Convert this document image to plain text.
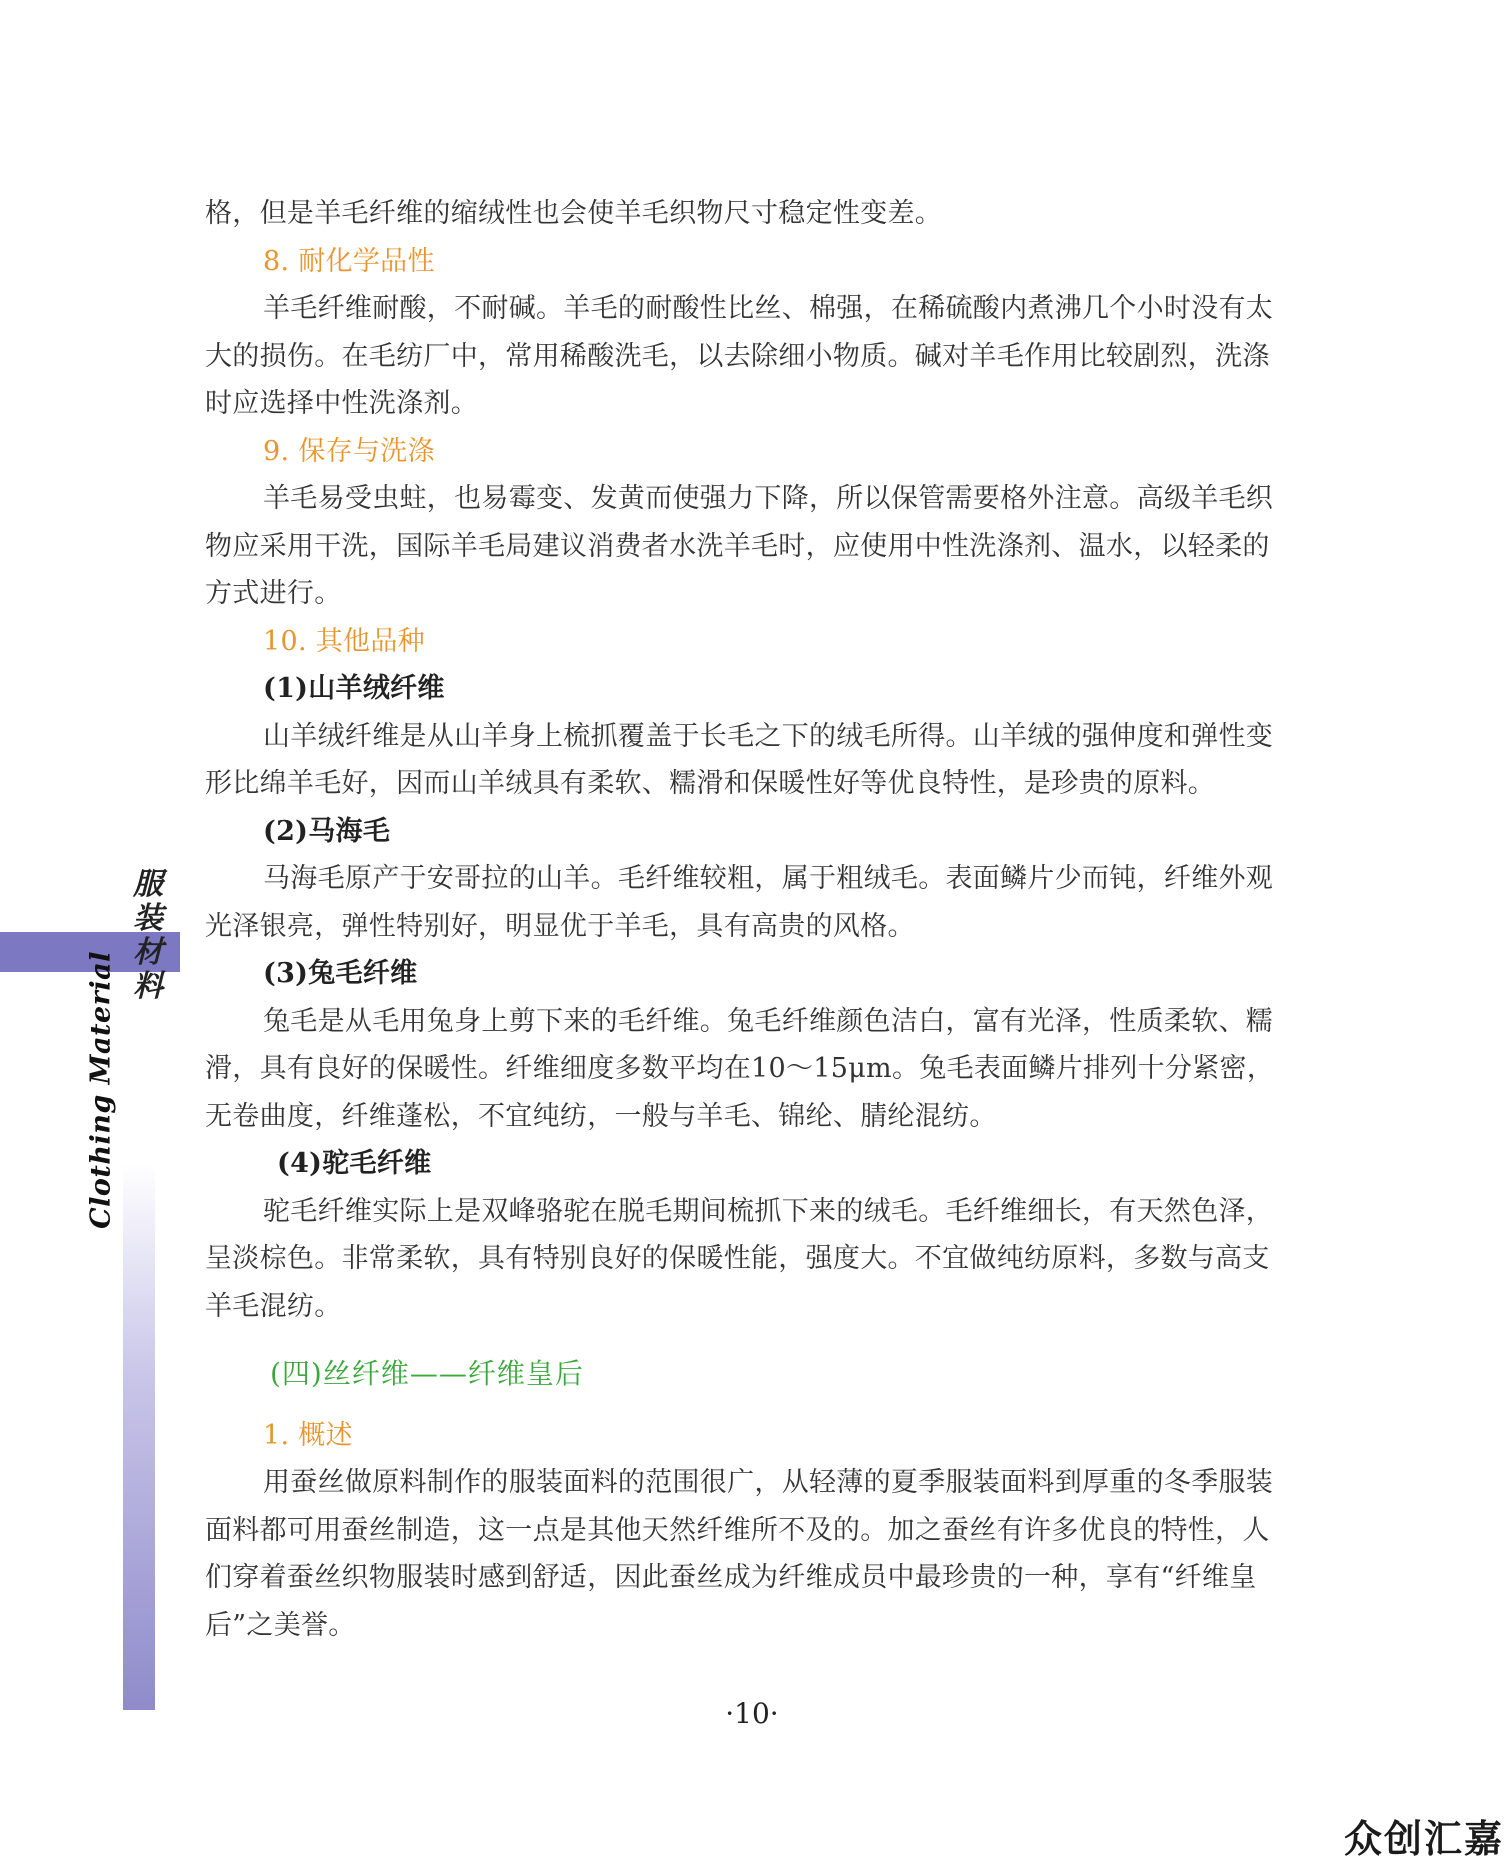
服装材料
Clothing Material
格，但是羊毛纤维的缩绒性也会使羊毛织物尺寸稳定性变差。
8. 耐化学品性
羊毛纤维耐酸，不耐碱。羊毛的耐酸性比丝、棉强，在稀硫酸内煮沸几个小时没有太
大的损伤。在毛纺厂中，常用稀酸洗毛，以去除细小物质。碱对羊毛作用比较剧烈，洗涤
时应选择中性洗涤剂。
9. 保存与洗涤
羊毛易受虫蛀，也易霉变、发黄而使强力下降，所以保管需要格外注意。高级羊毛织
物应采用干洗，国际羊毛局建议消费者水洗羊毛时，应使用中性洗涤剂、温水，以轻柔的
方式进行。
10. 其他品种
(1)山羊绒纤维
山羊绒纤维是从山羊身上梳抓覆盖于长毛之下的绒毛所得。山羊绒的强伸度和弹性变
形比绵羊毛好，因而山羊绒具有柔软、糯滑和保暖性好等优良特性，是珍贵的原料。
(2)马海毛
马海毛原产于安哥拉的山羊。毛纤维较粗，属于粗绒毛。表面鳞片少而钝，纤维外观
光泽银亮，弹性特别好，明显优于羊毛，具有高贵的风格。
(3)兔毛纤维
兔毛是从毛用兔身上剪下来的毛纤维。兔毛纤维颜色洁白，富有光泽，性质柔软、糯
滑，具有良好的保暖性。纤维细度多数平均在10～15μm。兔毛表面鳞片排列十分紧密，
无卷曲度，纤维蓬松，不宜纯纺，一般与羊毛、锦纶、腈纶混纺。
(4)驼毛纤维
驼毛纤维实际上是双峰骆驼在脱毛期间梳抓下来的绒毛。毛纤维细长，有天然色泽，
呈淡棕色。非常柔软，具有特别良好的保暖性能，强度大。不宜做纯纺原料，多数与高支
羊毛混纺。
(四)丝纤维——纤维皇后
1. 概述
用蚕丝做原料制作的服装面料的范围很广，从轻薄的夏季服装面料到厚重的冬季服装
面料都可用蚕丝制造，这一点是其他天然纤维所不及的。加之蚕丝有许多优良的特性，人
们穿着蚕丝织物服装时感到舒适，因此蚕丝成为纤维成员中最珍贵的一种，享有“纤维皇
后”之美誉。
·10·
众创汇嘉
